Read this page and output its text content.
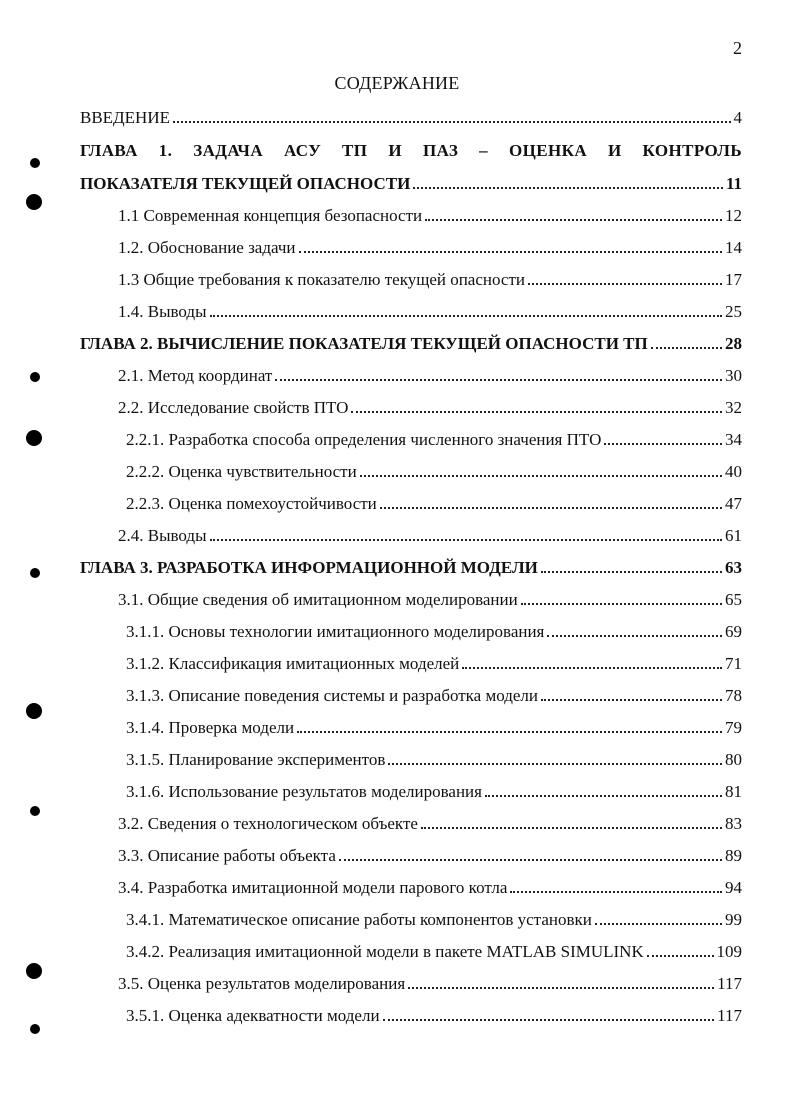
2
СОДЕРЖАНИЕ
ВВЕДЕНИЕ	4
ГЛАВА 1. ЗАДАЧА АСУ ТП И ПАЗ – ОЦЕНКА И КОНТРОЛЬ
ПОКАЗАТЕЛЯ ТЕКУЩЕЙ ОПАСНОСТИ	11
1.1 Современная концепция безопасности	12
1.2. Обоснование задачи	14
1.3 Общие требования к показателю текущей опасности	17
1.4. Выводы	25
ГЛАВА 2. ВЫЧИСЛЕНИЕ ПОКАЗАТЕЛЯ ТЕКУЩЕЙ ОПАСНОСТИ ТП	28
2.1. Метод координат	30
2.2. Исследование свойств ПТО	32
2.2.1. Разработка способа определения численного значения ПТО	34
2.2.2. Оценка чувствительности	40
2.2.3. Оценка помехоустойчивости	47
2.4. Выводы	61
ГЛАВА 3. РАЗРАБОТКА ИНФОРМАЦИОННОЙ МОДЕЛИ	63
3.1. Общие сведения об имитационном моделировании	65
3.1.1. Основы технологии имитационного моделирования	69
3.1.2. Классификация имитационных моделей	71
3.1.3. Описание поведения системы и разработка модели	78
3.1.4. Проверка модели	79
3.1.5. Планирование экспериментов	80
3.1.6. Использование результатов моделирования	81
3.2. Сведения о технологическом объекте	83
3.3. Описание работы объекта	89
3.4. Разработка имитационной модели парового котла	94
3.4.1. Математическое описание работы компонентов установки	99
3.4.2. Реализация имитационной модели в пакете MATLAB SIMULINK	109
3.5. Оценка результатов моделирования	117
3.5.1. Оценка адекватности модели	117
